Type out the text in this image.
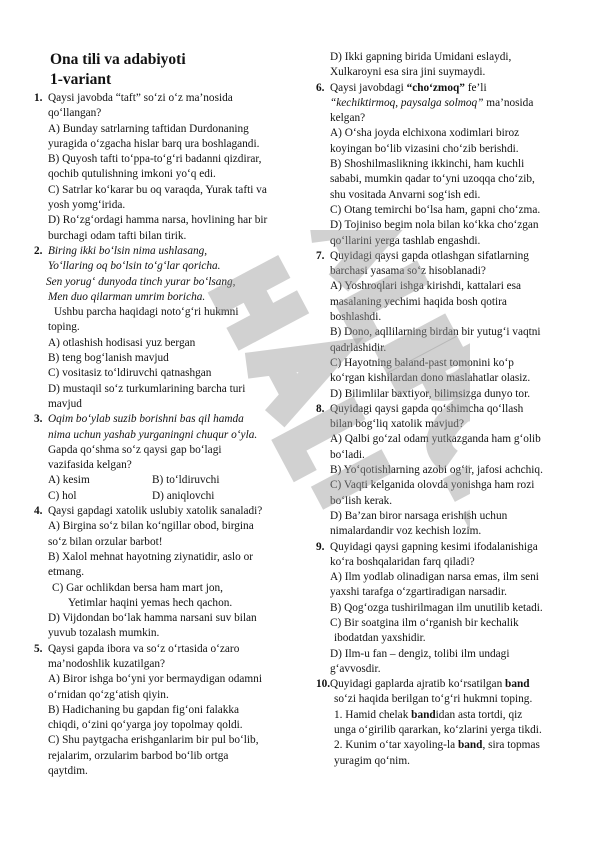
Ona tili va adabiyoti
1-variant
1. Qaysi javobda “taft” so‘zi o‘z ma’nosida
qo‘llangan?
A) Bunday satrlarning taftidan Durdonaning
yuragida o‘zgacha hislar barq ura boshlagandi.
B) Quyosh tafti to‘ppa-to‘g‘ri badanni qizdirar,
qochib qutulishning imkoni yo‘q edi.
C) Satrlar ko‘karar bu oq varaqda, Yurak tafti va
yosh yomg‘irida.
D) Ro‘zg‘ordagi hamma narsa, hovlining har bir
burchagi odam tafti bilan tirik.
2. Biring ikki bo‘lsin nima ushlasang,
Yo‘llaring oq bo‘lsin to‘g‘lar qoricha.
Sen yorug‘ dunyoda tinch yurar bo‘lsang,
Men duo qilarman umrim boricha.
Ushbu parcha haqidagi noto‘g‘ri hukmni
toping.
A) otlashish hodisasi yuz bergan
B) teng bog‘lanish mavjud
C) vositasiz to‘ldiruvchi qatnashgan
D) mustaqil so‘z turkumlarining barcha turi
mavjud
3. Oqim bo‘ylab suzib borishni bas qil hamda
nima uchun yashab yurganingni chuqur o‘yla.
Gapda qo‘shma so‘z qaysi gap bo‘lagi
vazifasida kelgan?
A) kesim	B) to‘ldiruvchi
C) hol	D) aniqlovchi
4. Qaysi gapdagi xatolik uslubiy xatolik sanaladi?
A) Birgina so‘z bilan ko‘ngillar obod, birgina
so‘z bilan orzular barbot!
B) Xalol mehnat hayotning ziynatidir, aslo or
etmang.
C) Gar ochlikdan bersa ham mart jon,
Yetimlar haqini yemas hech qachon.
D) Vijdondan bo‘lak hamma narsani suv bilan
yuvub tozalash mumkin.
5. Qaysi gapda ibora va so‘z o‘rtasida o‘zaro
ma’nodoshlik kuzatilgan?
A) Biror ishga bo‘yni yor bermaydigan odamni
o‘rnidan qo‘zg‘atish qiyin.
B) Hadichaning bu gapdan fig‘oni falakka
chiqdi, o‘zini qo‘yarga joy topolmay qoldi.
C) Shu paytgacha erishganlarim bir pul bo‘lib,
rejalarim, orzularim barbod bo‘lib ortga
qaytdim.
D) Ikki gapning birida Umidani eslaydi,
Xulkaroyni esa sira jini suymaydi.
6. Qaysi javobdagi “cho‘zmoq” fe’li
“kechiktirmoq, paysalga solmoq” ma’nosida
kelgan?
A) O‘sha joyda elchixona xodimlari biroz
koyingan bo‘lib vizasini cho‘zib berishdi.
B) Shoshilmaslikning ikkinchi, ham kuchli
sababi, mumkin qadar to‘yni uzoqqa cho‘zib,
shu vositada Anvarni sog‘ish edi.
C) Otang temirchi bo‘lsa ham, gapni cho‘zma.
D) Tojiniso begim nola bilan ko‘kka cho‘zgan
qo‘llarini yerga tashlab engashdi.
7. Quyidagi qaysi gapda otlashgan sifatlarning
barchasi yasama so‘z hisoblanadi?
A) Yoshroqlari ishga kirishdi, kattalari esa
masalaning yechimi haqida bosh qotira
boshlashdi.
B) Dono, aqllilarning birdan bir yutug‘i vaqtni
qadrlashidir.
C) Hayotning baland-past tomonini ko‘p
ko‘rgan kishilardan dono maslahatlar olasiz.
D) Bilimlilar baxtiyor, bilimsizga dunyo tor.
8. Quyidagi qaysi gapda qo‘shimcha qo‘llash
bilan bog‘liq xatolik mavjud?
A) Qalbi go‘zal odam yutkazganda ham g‘olib
bo‘ladi.
B) Yo‘qotishlarning azobi og‘ir, jafosi achchiq.
C) Vaqti kelganida olovda yonishga ham rozi
bo‘lish kerak.
D) Ba’zan biror narsaga erishish uchun
nimalardandir voz kechish lozim.
9. Quyidagi qaysi gapning kesimi ifodalanishiga
ko‘ra boshqalaridan farq qiladi?
A) Ilm yodlab olinadigan narsa emas, ilm seni
yaxshi tarafga o‘zgartiradigan narsadir.
B) Qog‘ozga tushirilmagan ilm unutilib ketadi.
C) Bir soatgina ilm o‘rganish bir kechalik
ibodatdan yaxshidir.
D) Ilm-u fan – dengiz, tolibi ilm undagi
g‘avvosdir.
10. Quyidagi gaplarda ajratib ko‘rsatilgan band
so‘zi haqida berilgan to‘g‘ri hukmni toping.
1. Hamid chelak bandidan asta tortdi, qiz
unga o‘girilib qararkan, ko‘zlarini yerga tikdi.
2. Kunim o‘tar xayoling-la band, sira topmas
yuragim qo‘nim.
